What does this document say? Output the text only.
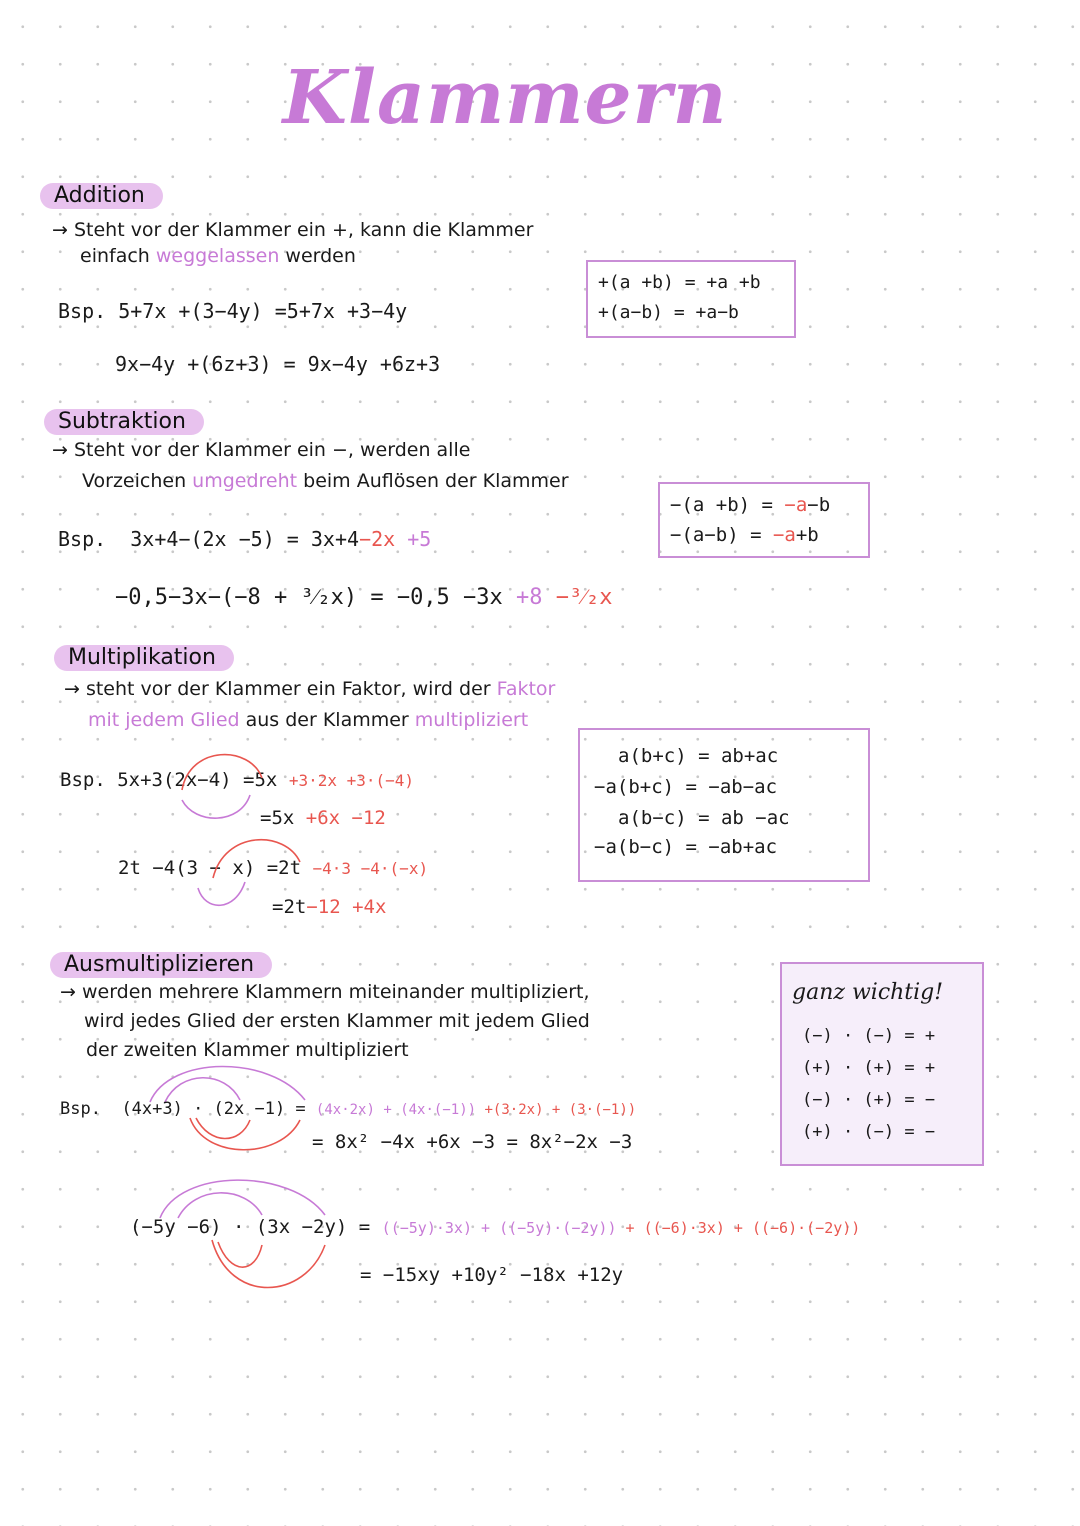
Klammern
Addition
→ Steht vor der Klammer ein +, kann die Klammer
einfach weggelassen werden
Bsp. 5+7x +(3−4y) =5+7x +3−4y
9x−4y +(6z+3) = 9x−4y +6z+3
+(a +b) = +a +b
+(a−b) = +a−b
Subtraktion
→ Steht vor der Klammer ein −, werden alle
Vorzeichen umgedreht beim Auflösen der Klammer
Bsp. 3x+4−(2x −5) = 3x+4−2x +5
−0,5−3x−(−8 + ³⁄₂x) = −0,5 −3x +8 −³⁄₂x
−(a +b) = −a−b
−(a−b) = −a+b
Multiplikation
→ steht vor der Klammer ein Faktor, wird der Faktor
mit jedem Glied aus der Klammer multipliziert
Bsp. 5x+3(2x−4) =5x +3·2x +3·(−4)
=5x +6x −12
2t −4(3 − x) =2t −4·3 −4·(−x)
=2t−12 +4x
a(b+c) = ab+ac
−a(b+c) = −ab−ac
a(b−c) = ab −ac
−a(b−c) = −ab+ac
Ausmultiplizieren
→ werden mehrere Klammern miteinander multipliziert,
wird jedes Glied der ersten Klammer mit jedem Glied
der zweiten Klammer multipliziert
Bsp. (4x+3) · (2x −1) = (4x·2x) + (4x·(−1)) +(3·2x) + (3·(−1))
= 8x² −4x +6x −3 = 8x²−2x −3
(−5y −6) · (3x −2y) = ((−5y)·3x) + ((−5y)·(−2y)) + ((−6)·3x) + ((−6)·(−2y))
= −15xy +10y² −18x +12y
ganz wichtig!
(−) · (−) = +
(+) · (+) = +
(−) · (+) = −
(+) · (−) = −
